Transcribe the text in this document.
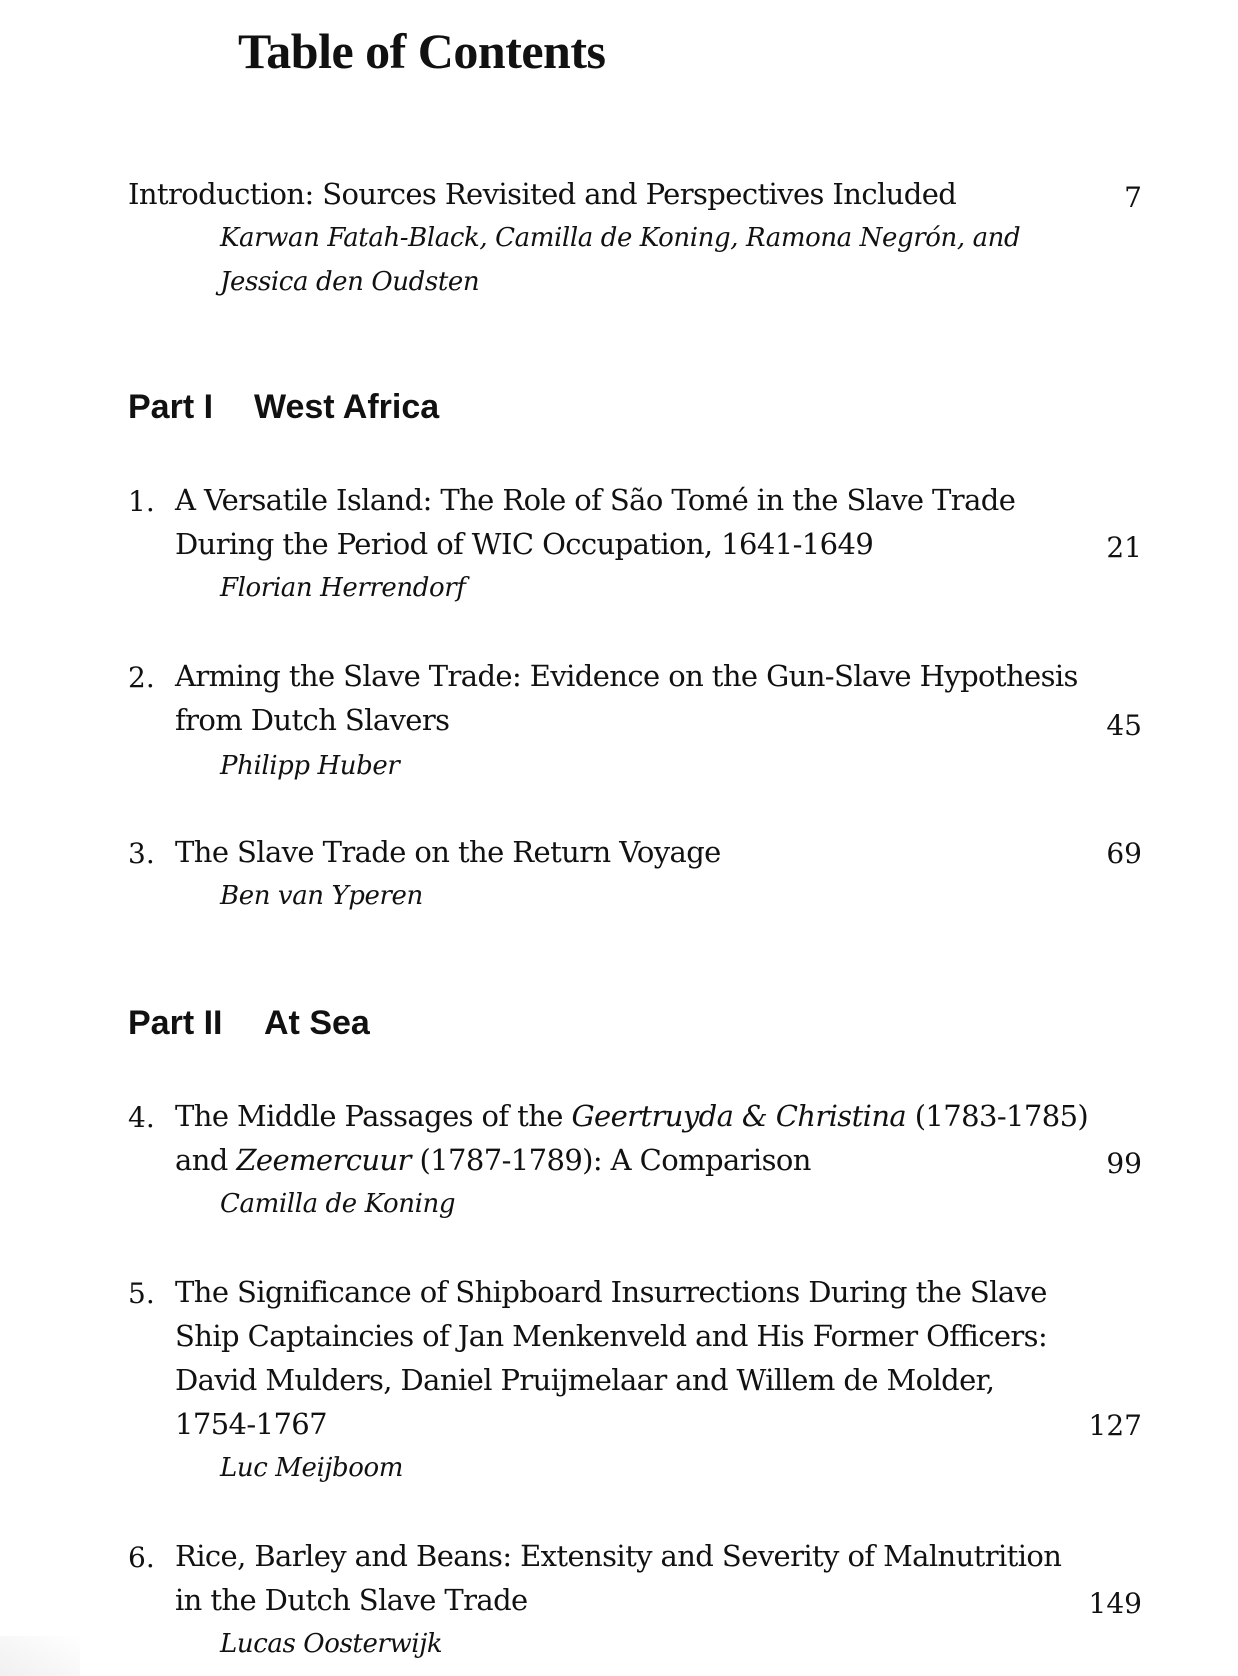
Table of Contents
Introduction: Sources Revisited and Perspectives Included	7
Karwan Fatah-Black, Camilla de Koning, Ramona Negrón, and
Jessica den Oudsten
Part I West Africa
1. A Versatile Island: The Role of São Tomé in the Slave Trade
During the Period of WIC Occupation, 1641-1649	21
Florian Herrendorf
2. Arming the Slave Trade: Evidence on the Gun-Slave Hypothesis
from Dutch Slavers	45
Philipp Huber
3. The Slave Trade on the Return Voyage	69
Ben van Yperen
Part II At Sea
4. The Middle Passages of the Geertruyda & Christina (1783-1785)
and Zeemercuur (1787-1789): A Comparison	99
Camilla de Koning
5. The Significance of Shipboard Insurrections During the Slave
Ship Captaincies of Jan Menkenveld and His Former Officers:
David Mulders, Daniel Pruijmelaar and Willem de Molder,
1754-1767	127
Luc Meijboom
6. Rice, Barley and Beans: Extensity and Severity of Malnutrition
in the Dutch Slave Trade	149
Lucas Oosterwijk
